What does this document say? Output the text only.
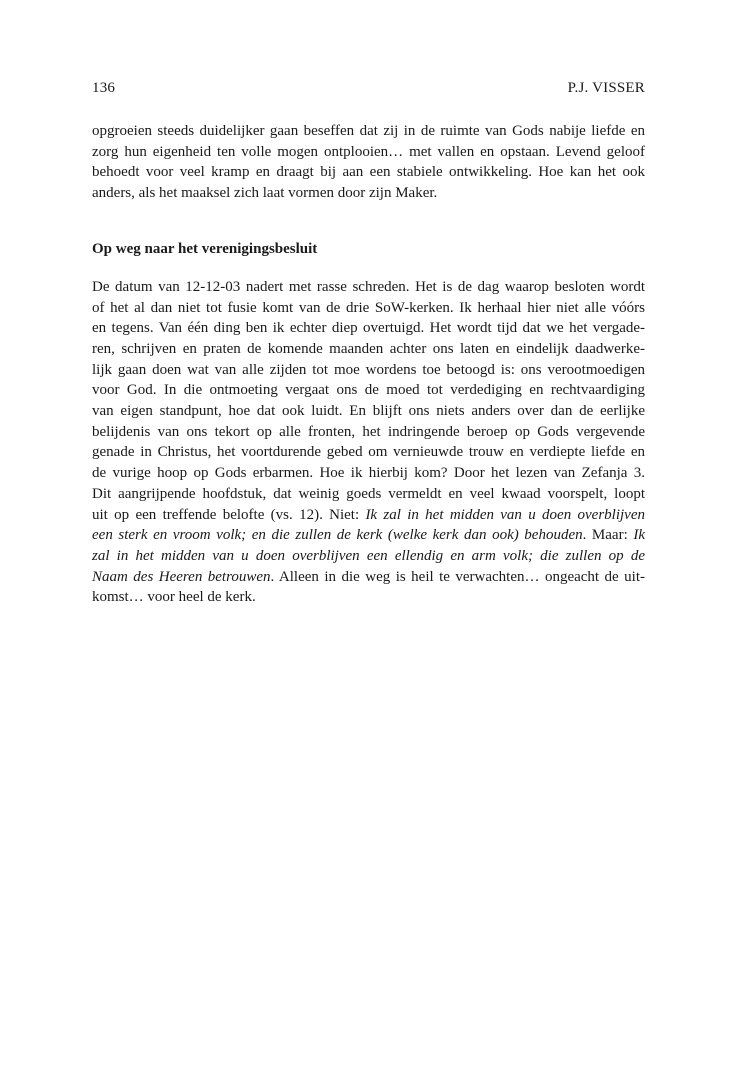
136	P.J. VISSER

opgroeien steeds duidelijker gaan beseffen dat zij in de ruimte van Gods nabije liefde en
zorg hun eigenheid ten volle mogen ontplooien… met vallen en opstaan. Levend geloof
behoedt voor veel kramp en draagt bij aan een stabiele ontwikkeling. Hoe kan het ook
anders, als het maaksel zich laat vormen door zijn Maker.

Op weg naar het verenigingsbesluit

De datum van 12-12-03 nadert met rasse schreden. Het is de dag waarop besloten wordt
of het al dan niet tot fusie komt van de drie SoW-kerken. Ik herhaal hier niet alle vóórs
en tegens. Van één ding ben ik echter diep overtuigd. Het wordt tijd dat we het vergade-
ren, schrijven en praten de komende maanden achter ons laten en eindelijk daadwerke-
lijk gaan doen wat van alle zijden tot moe wordens toe betoogd is: ons verootmoedigen
voor God. In die ontmoeting vergaat ons de moed tot verdediging en rechtvaardiging
van eigen standpunt, hoe dat ook luidt. En blijft ons niets anders over dan de eerlijke
belijdenis van ons tekort op alle fronten, het indringende beroep op Gods vergevende
genade in Christus, het voortdurende gebed om vernieuwde trouw en verdiepte liefde en
de vurige hoop op Gods erbarmen. Hoe ik hierbij kom? Door het lezen van Zefanja 3.
Dit aangrijpende hoofdstuk, dat weinig goeds vermeldt en veel kwaad voorspelt, loopt
uit op een treffende belofte (vs. 12). Niet: Ik zal in het midden van u doen overblijven
een sterk en vroom volk; en die zullen de kerk (welke kerk dan ook) behouden. Maar: Ik
zal in het midden van u doen overblijven een ellendig en arm volk; die zullen op de
Naam des Heeren betrouwen. Alleen in die weg is heil te verwachten… ongeacht de uit-
komst… voor heel de kerk.
